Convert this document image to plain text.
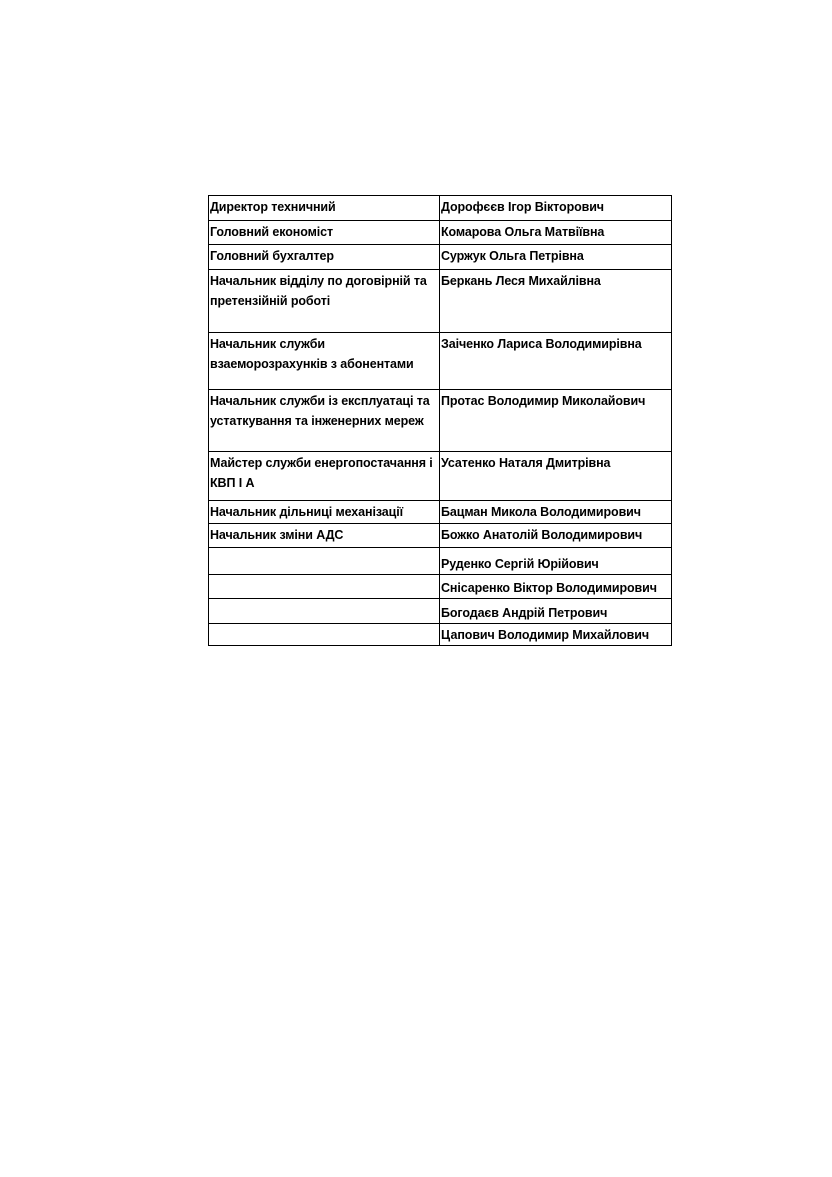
Директор техничний	Дорофєєв Ігор Вікторович
Головний економіст	Комарова Ольга Матвіївна
Головний бухгалтер	Суржук Ольга Петрівна
Начальник відділу по договірній та претензійній роботі	Беркань Леся Михайлівна
Начальник служби взаеморозрахунків з абонентами	Заіченко Лариса Володимирівна
Начальник служби із експлуатаці та устаткування та інженерних мереж	Протас Володимир Миколайович
Майстер служби енергопостачання і КВП І А	Усатенко Наталя Дмитрівна
Начальник дільниці механізації	Бацман Микола Володимирович
Начальник зміни АДС	Божко Анатолій Володимирович
	Руденко Сергій Юрійович
	Снісаренко Віктор Володимирович
	Богодаєв Андрій Петрович
	Цапович Володимир Михайлович
